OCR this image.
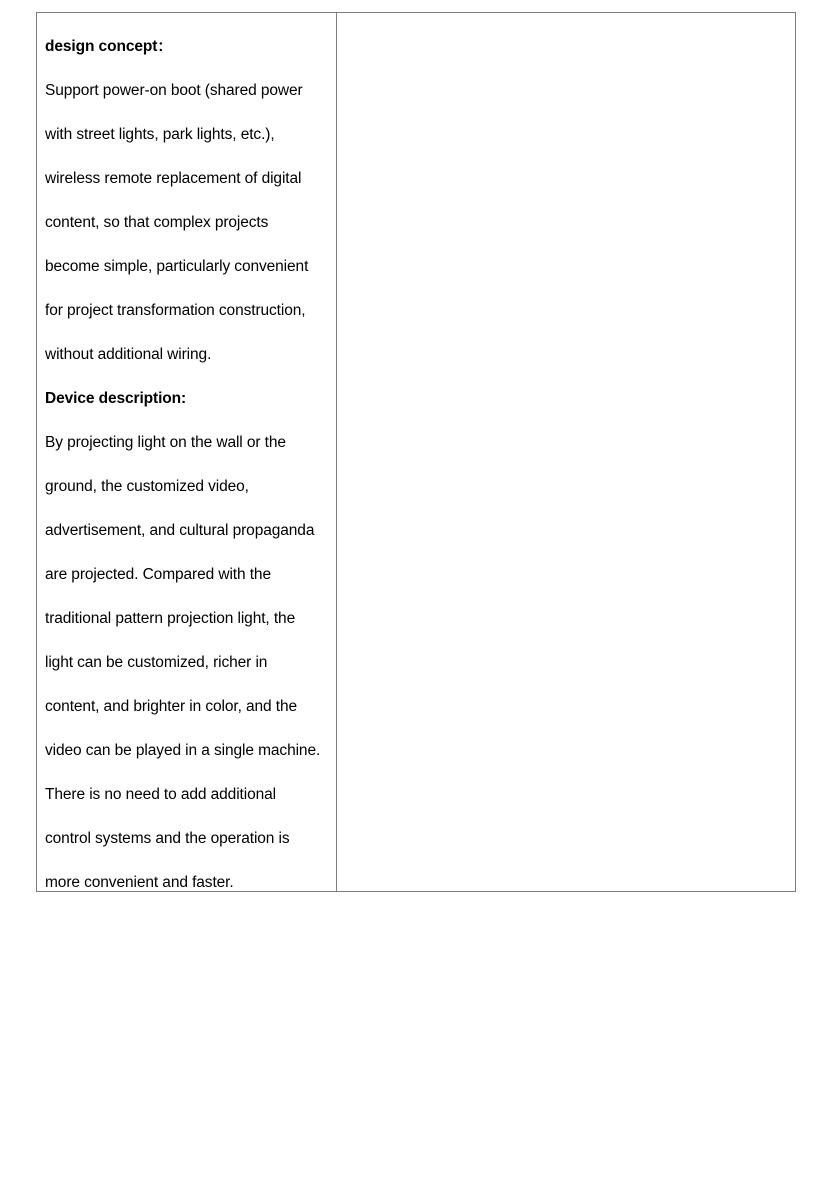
design concept：
Support power-on boot (shared power
with street lights, park lights, etc.),
wireless remote replacement of digital
content, so that complex projects
become simple, particularly convenient
for project transformation construction,
without additional wiring.
Device description:
By projecting light on the wall or the
ground, the customized video,
advertisement, and cultural propaganda
are projected. Compared with the
traditional pattern projection light, the
light can be customized, richer in
content, and brighter in color, and the
video can be played in a single machine.
There is no need to add additional
control systems and the operation is
more convenient and faster.
